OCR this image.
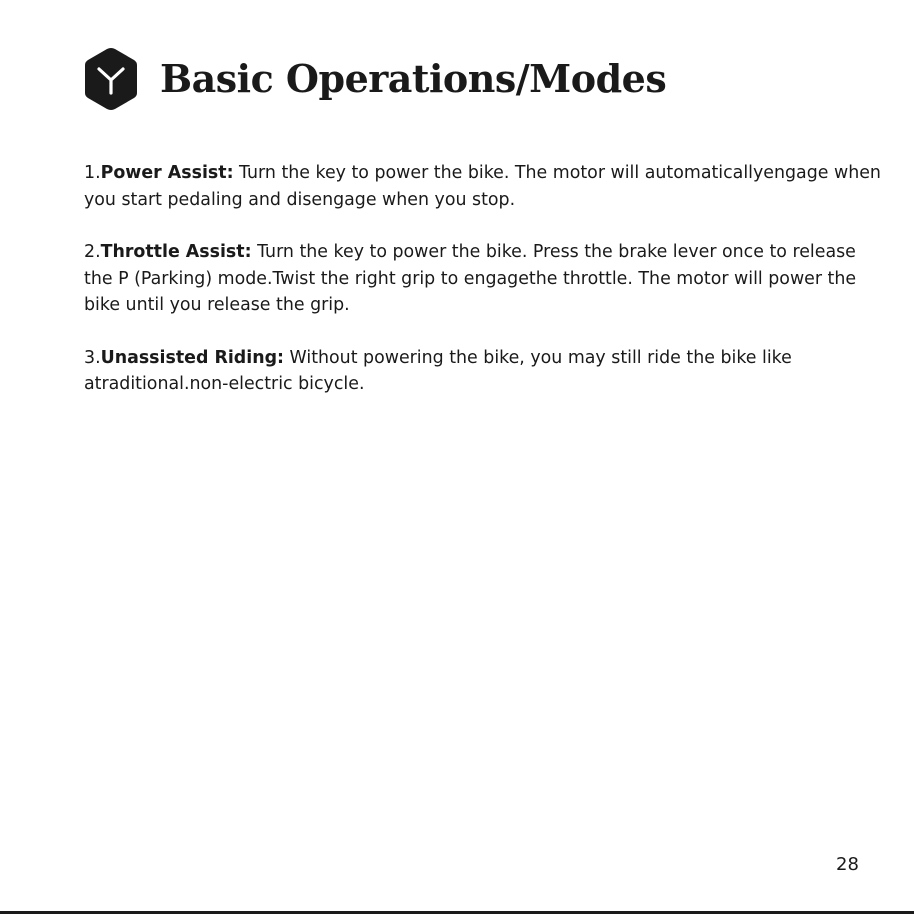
Basic Operations/Modes

1.Power Assist: Turn the key to power the bike. The motor will automaticallyengage when you start pedaling and disengage when you stop.

2.Throttle Assist: Turn the key to power the bike. Press the brake lever once to release the P (Parking) mode.Twist the right grip to engagethe throttle. The motor will power the bike until you release the grip.

3.Unassisted Riding: Without powering the bike, you may still ride the bike like atraditional.non-electric bicycle.

28
